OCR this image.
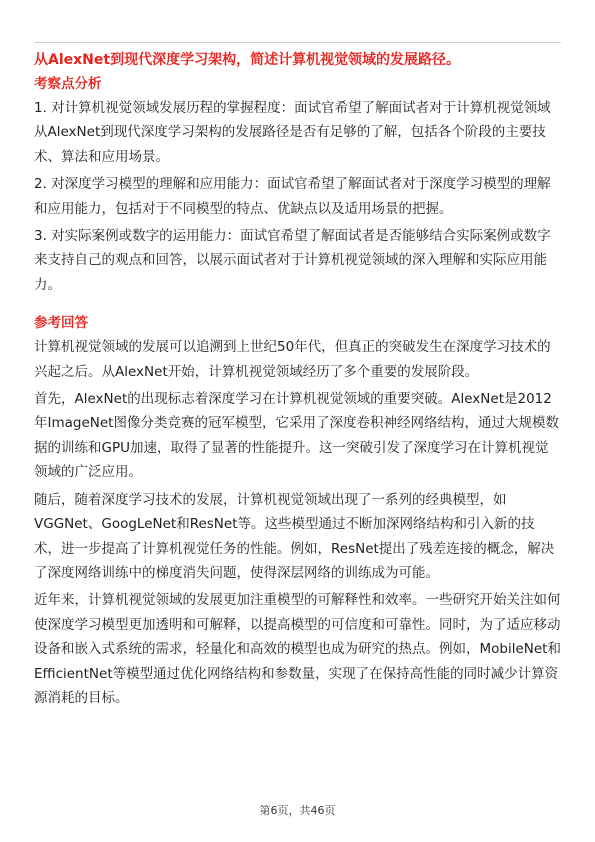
从AlexNet到现代深度学习架构，简述计算机视觉领域的发展路径。

考察点分析

1. 对计算机视觉领域发展历程的掌握程度：面试官希望了解面试者对于计算机视觉领域从AlexNet到现代深度学习架构的发展路径是否有足够的了解，包括各个阶段的主要技术、算法和应用场景。

2. 对深度学习模型的理解和应用能力：面试官希望了解面试者对于深度学习模型的理解和应用能力，包括对于不同模型的特点、优缺点以及适用场景的把握。

3. 对实际案例或数字的运用能力：面试官希望了解面试者是否能够结合实际案例或数字来支持自己的观点和回答，以展示面试者对于计算机视觉领域的深入理解和实际应用能力。

参考回答

计算机视觉领域的发展可以追溯到上世纪50年代，但真正的突破发生在深度学习技术的兴起之后。从AlexNet开始，计算机视觉领域经历了多个重要的发展阶段。

首先，AlexNet的出现标志着深度学习在计算机视觉领域的重要突破。AlexNet是2012年ImageNet图像分类竞赛的冠军模型，它采用了深度卷积神经网络结构，通过大规模数据的训练和GPU加速，取得了显著的性能提升。这一突破引发了深度学习在计算机视觉领域的广泛应用。

随后，随着深度学习技术的发展，计算机视觉领域出现了一系列的经典模型，如VGGNet、GoogLeNet和ResNet等。这些模型通过不断加深网络结构和引入新的技术，进一步提高了计算机视觉任务的性能。例如，ResNet提出了残差连接的概念，解决了深度网络训练中的梯度消失问题，使得深层网络的训练成为可能。

近年来，计算机视觉领域的发展更加注重模型的可解释性和效率。一些研究开始关注如何使深度学习模型更加透明和可解释，以提高模型的可信度和可靠性。同时，为了适应移动设备和嵌入式系统的需求，轻量化和高效的模型也成为研究的热点。例如，MobileNet和EfficientNet等模型通过优化网络结构和参数量，实现了在保持高性能的同时减少计算资源消耗的目标。

第6页，共46页
